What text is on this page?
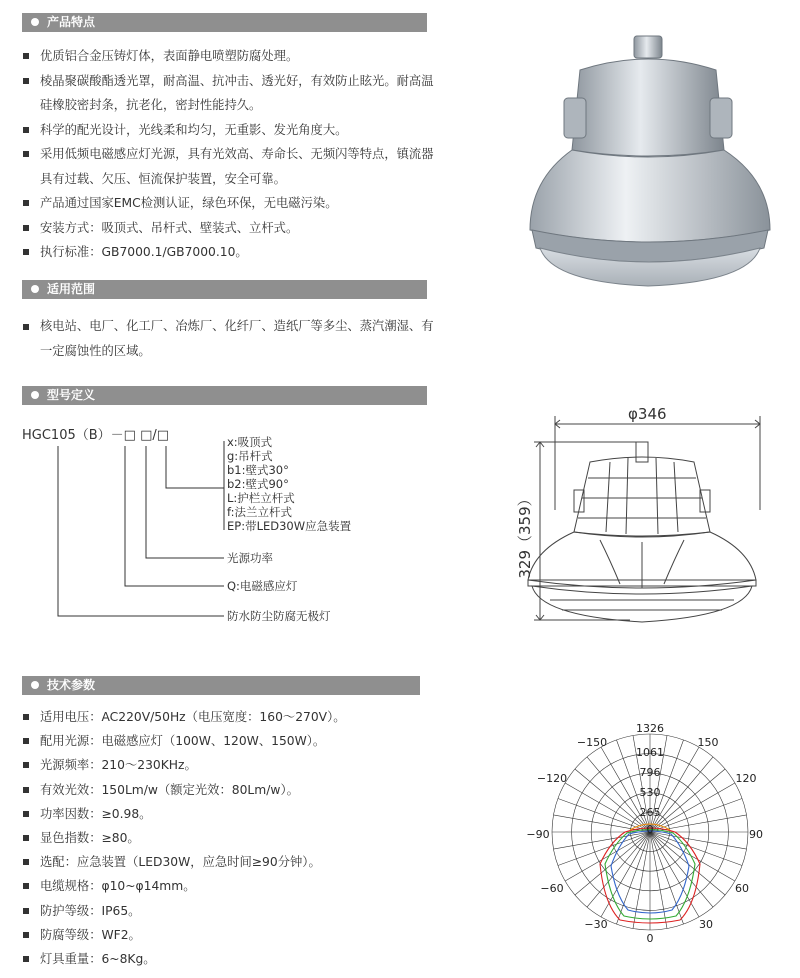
产品特点
优质铝合金压铸灯体，表面静电喷塑防腐处理。
棱晶聚碳酸酯透光罩，耐高温、抗冲击、透光好，有效防止眩光。耐高温硅橡胶密封条，抗老化，密封性能持久。
科学的配光设计，光线柔和均匀，无重影、发光角度大。
采用低频电磁感应灯光源，具有光效高、寿命长、无频闪等特点，镇流器具有过载、欠压、恒流保护装置，安全可靠。
产品通过国家EMC检测认证，绿色环保，无电磁污染。
安装方式：吸顶式、吊杆式、壁装式、立杆式。
执行标准：GB7000.1/GB7000.10。
适用范围
核电站、电厂、化工厂、冶炼厂、化纤厂、造纸厂等多尘、蒸汽潮湿、有一定腐蚀性的区域。
型号定义
HGC105（B）－□ □/□	x:吸顶式
g:吊杆式
b1:壁式30°
b2:壁式90°
L:护栏立杆式
f:法兰立杆式
EP:带LED30W应急装置
光源功率
Q:电磁感应灯
防水防尘防腐无极灯
φ346
329（359）
技术参数
适用电压：AC220V/50Hz（电压宽度：160～270V）。
配用光源：电磁感应灯（100W、120W、150W）。
光源频率：210～230KHz。
有效光效：150Lm/w（额定光效：80Lm/w）。
功率因数：≥0.98。
显色指数：≥80。
选配：应急装置（LED30W，应急时间≥90分钟）。
电缆规格：φ10~φ14mm。
防护等级：IP65。
防腐等级：WF2。
灯具重量：6~8Kg。
1326
1061
796
530
265
0
−150	150
−120	120
−90	90
−60	60
−30	30
0
